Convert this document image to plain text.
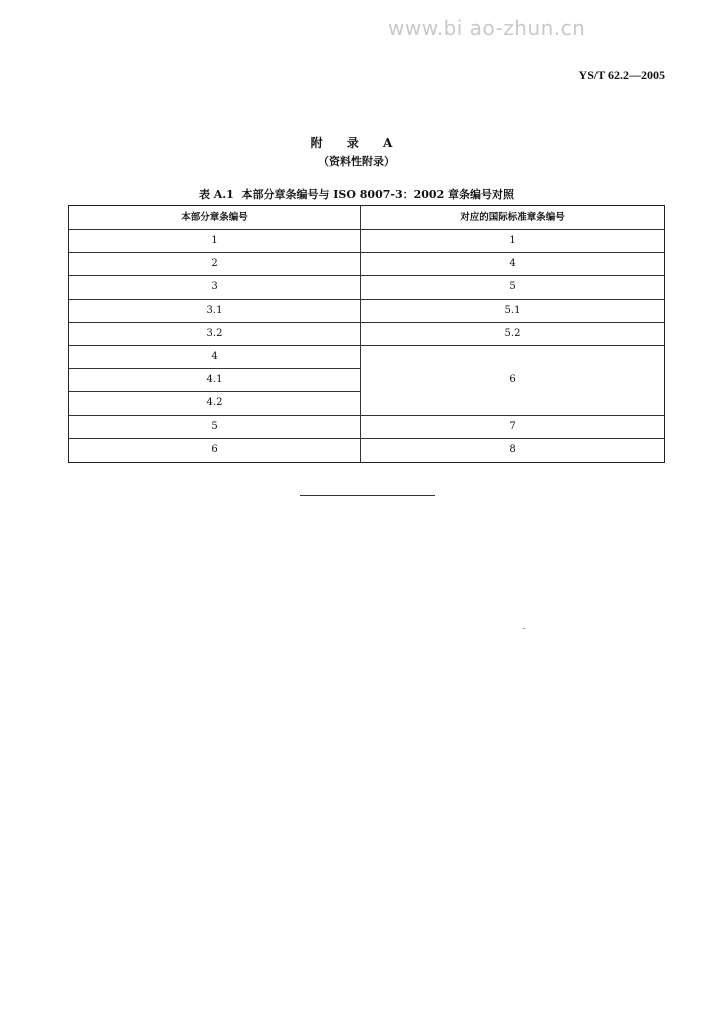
www.bi ao-zhun.cn
YS/T 62.2—2005
附 录 A
（资料性附录）
表 A.1  本部分章条编号与 ISO 8007-3：2002 章条编号对照
本部分章条编号	对应的国际标准章条编号
1
2
3
3.1
3.2
4
4.1
4.2
5
6
1
4
5
5.1
5.2
6
7
8
